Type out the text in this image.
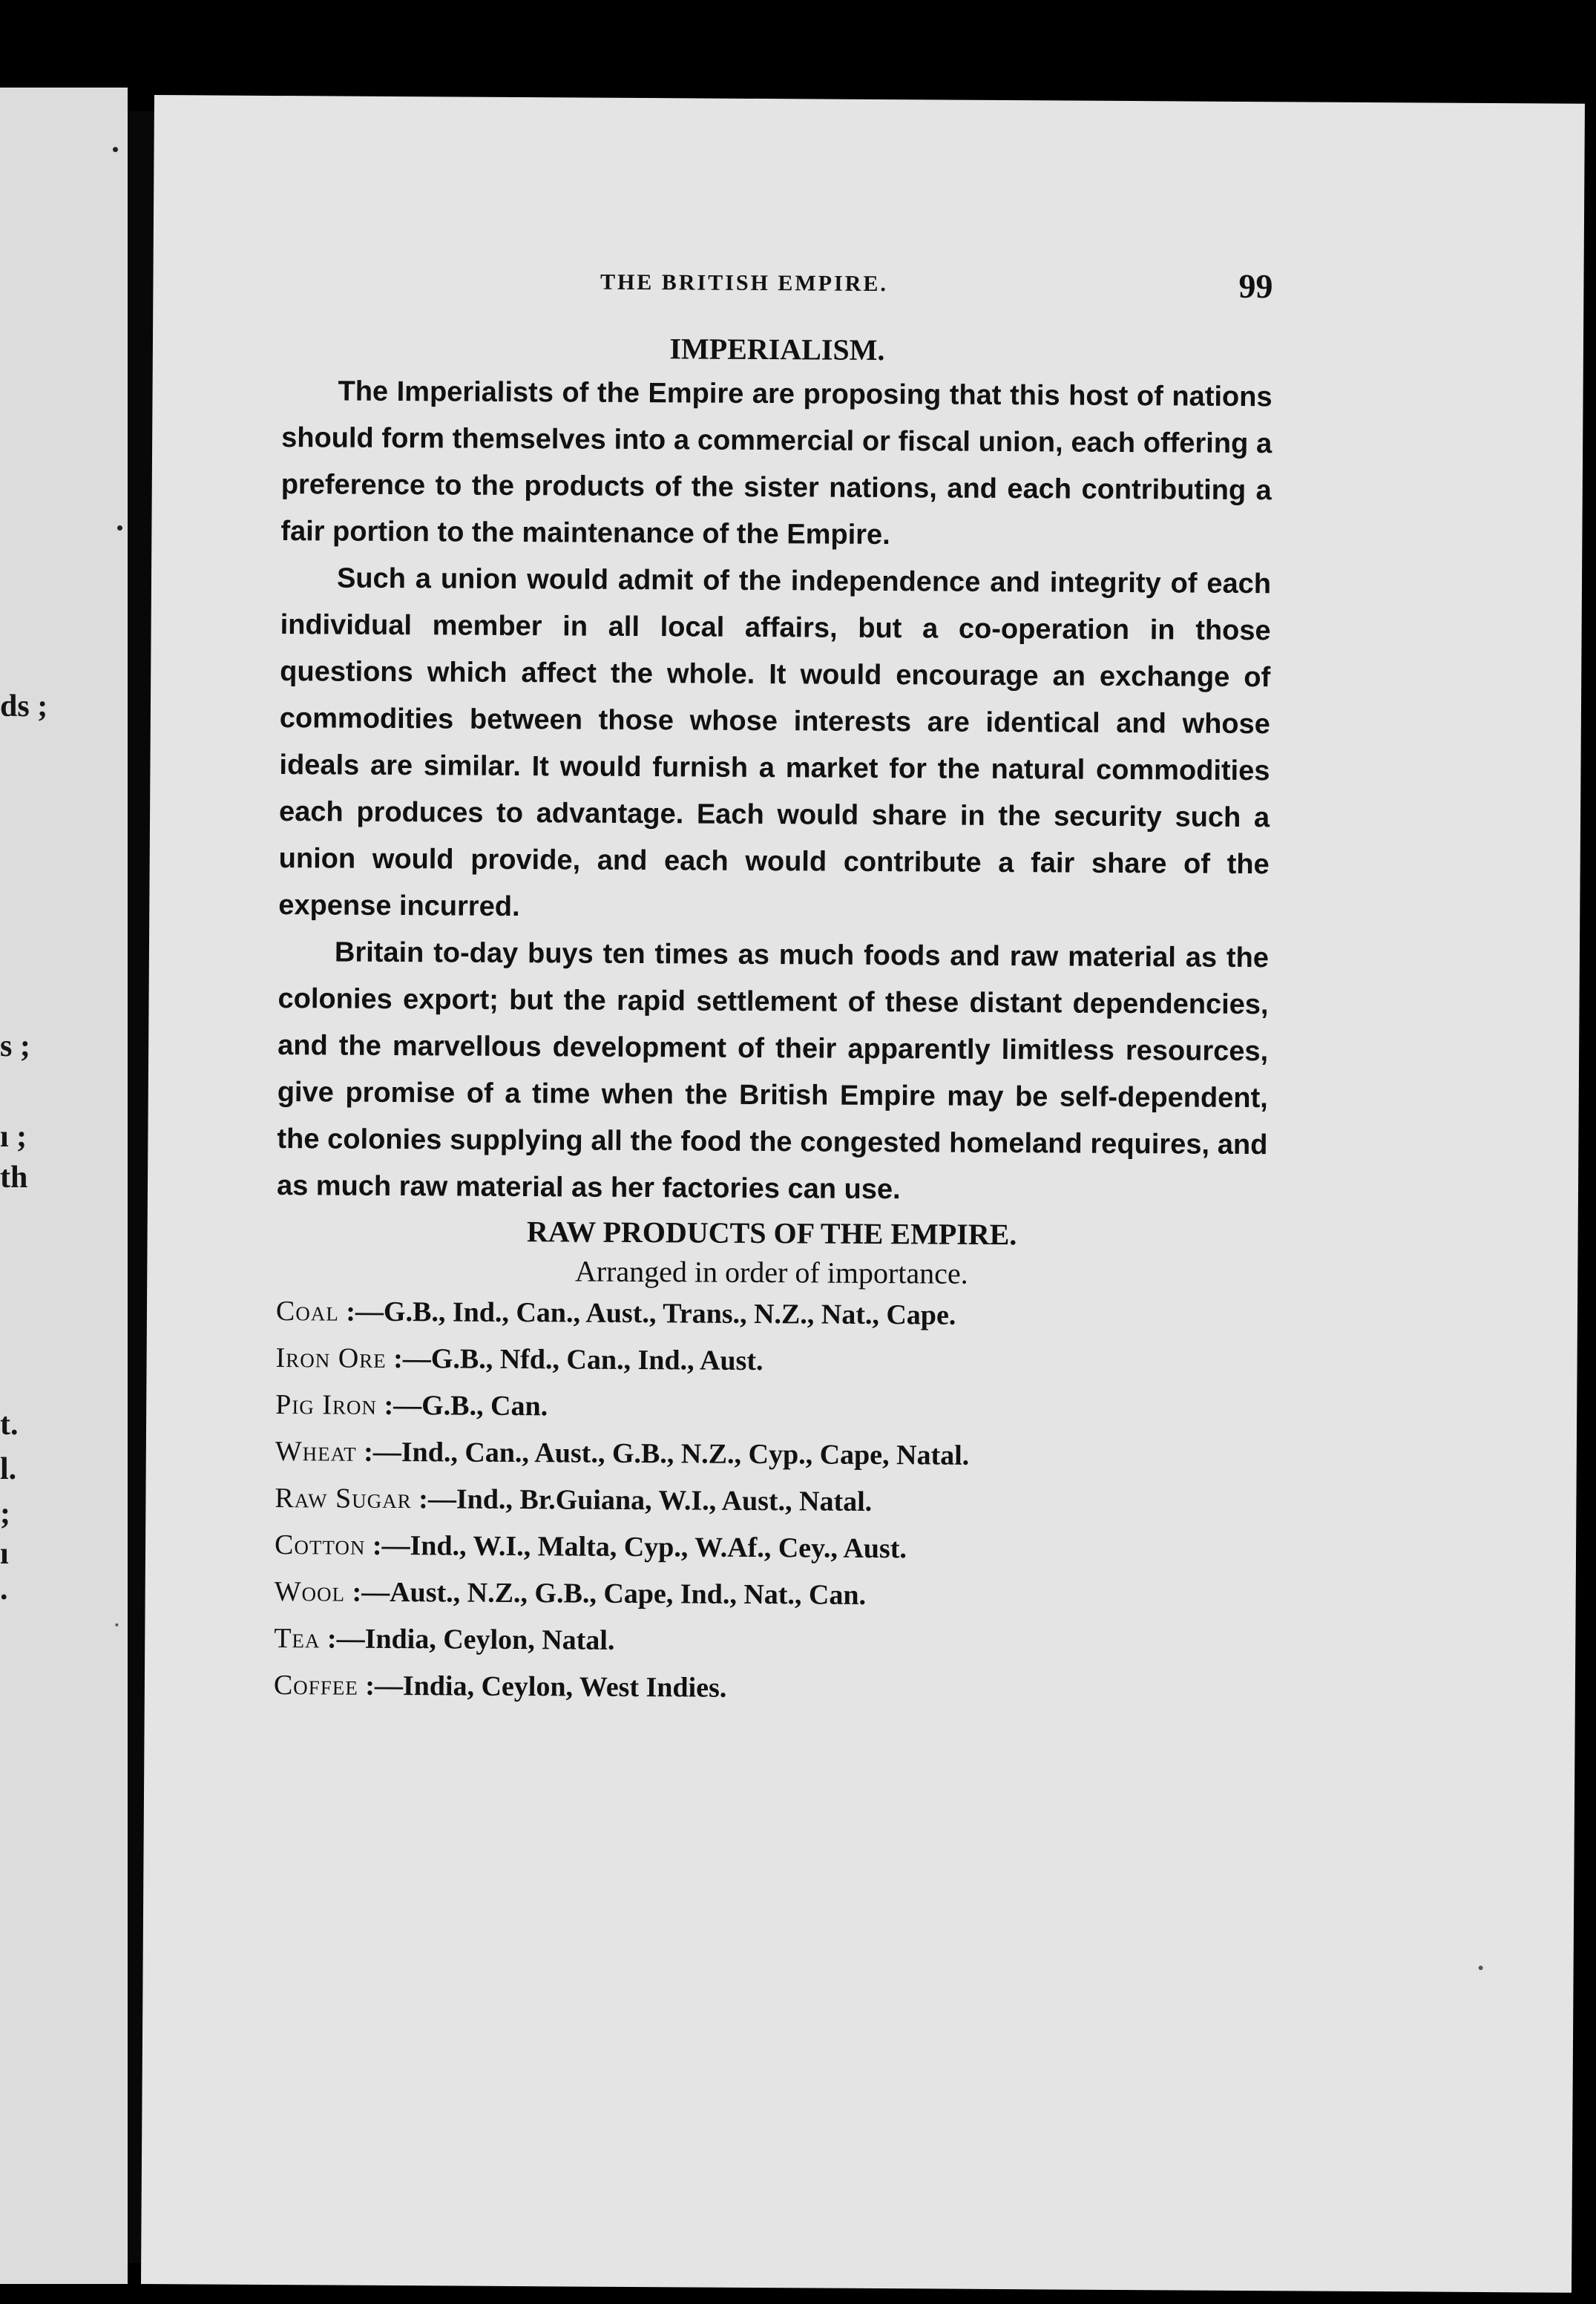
ds ;
s ;
ı ;
th
t.
l.
;
ı
.
THE BRITISH EMPIRE.	99
IMPERIALISM.

The Imperialists of the Empire are proposing that this host of nations should form themselves into a commercial or fiscal union, each offering a preference to the products of the sister nations, and each contributing a fair portion to the maintenance of the Empire.

Such a union would admit of the independence and integrity of each individual member in all local affairs, but a co-operation in those questions which affect the whole. It would encourage an exchange of commodities between those whose interests are identical and whose ideals are similar. It would furnish a market for the natural commodities each produces to advantage. Each would share in the security such a union would provide, and each would contribute a fair share of the expense incurred.

Britain to-day buys ten times as much foods and raw material as the colonies export; but the rapid settlement of these distant dependencies, and the marvellous development of their apparently limitless resources, give promise of a time when the British Empire may be self-dependent, the colonies supplying all the food the congested homeland requires, and as much raw material as her factories can use.

RAW PRODUCTS OF THE EMPIRE.
Arranged in order of importance.
Coal :—G.B., Ind., Can., Aust., Trans., N.Z., Nat., Cape.
Iron Ore :—G.B., Nfd., Can., Ind., Aust.
Pig Iron :—G.B., Can.
Wheat :—Ind., Can., Aust., G.B., N.Z., Cyp., Cape, Natal.
Raw Sugar :—Ind., Br.Guiana, W.I., Aust., Natal.
Cotton :—Ind., W.I., Malta, Cyp., W.Af., Cey., Aust.
Wool :—Aust., N.Z., G.B., Cape, Ind., Nat., Can.
Tea :—India, Ceylon, Natal.
Coffee :—India, Ceylon, West Indies.
